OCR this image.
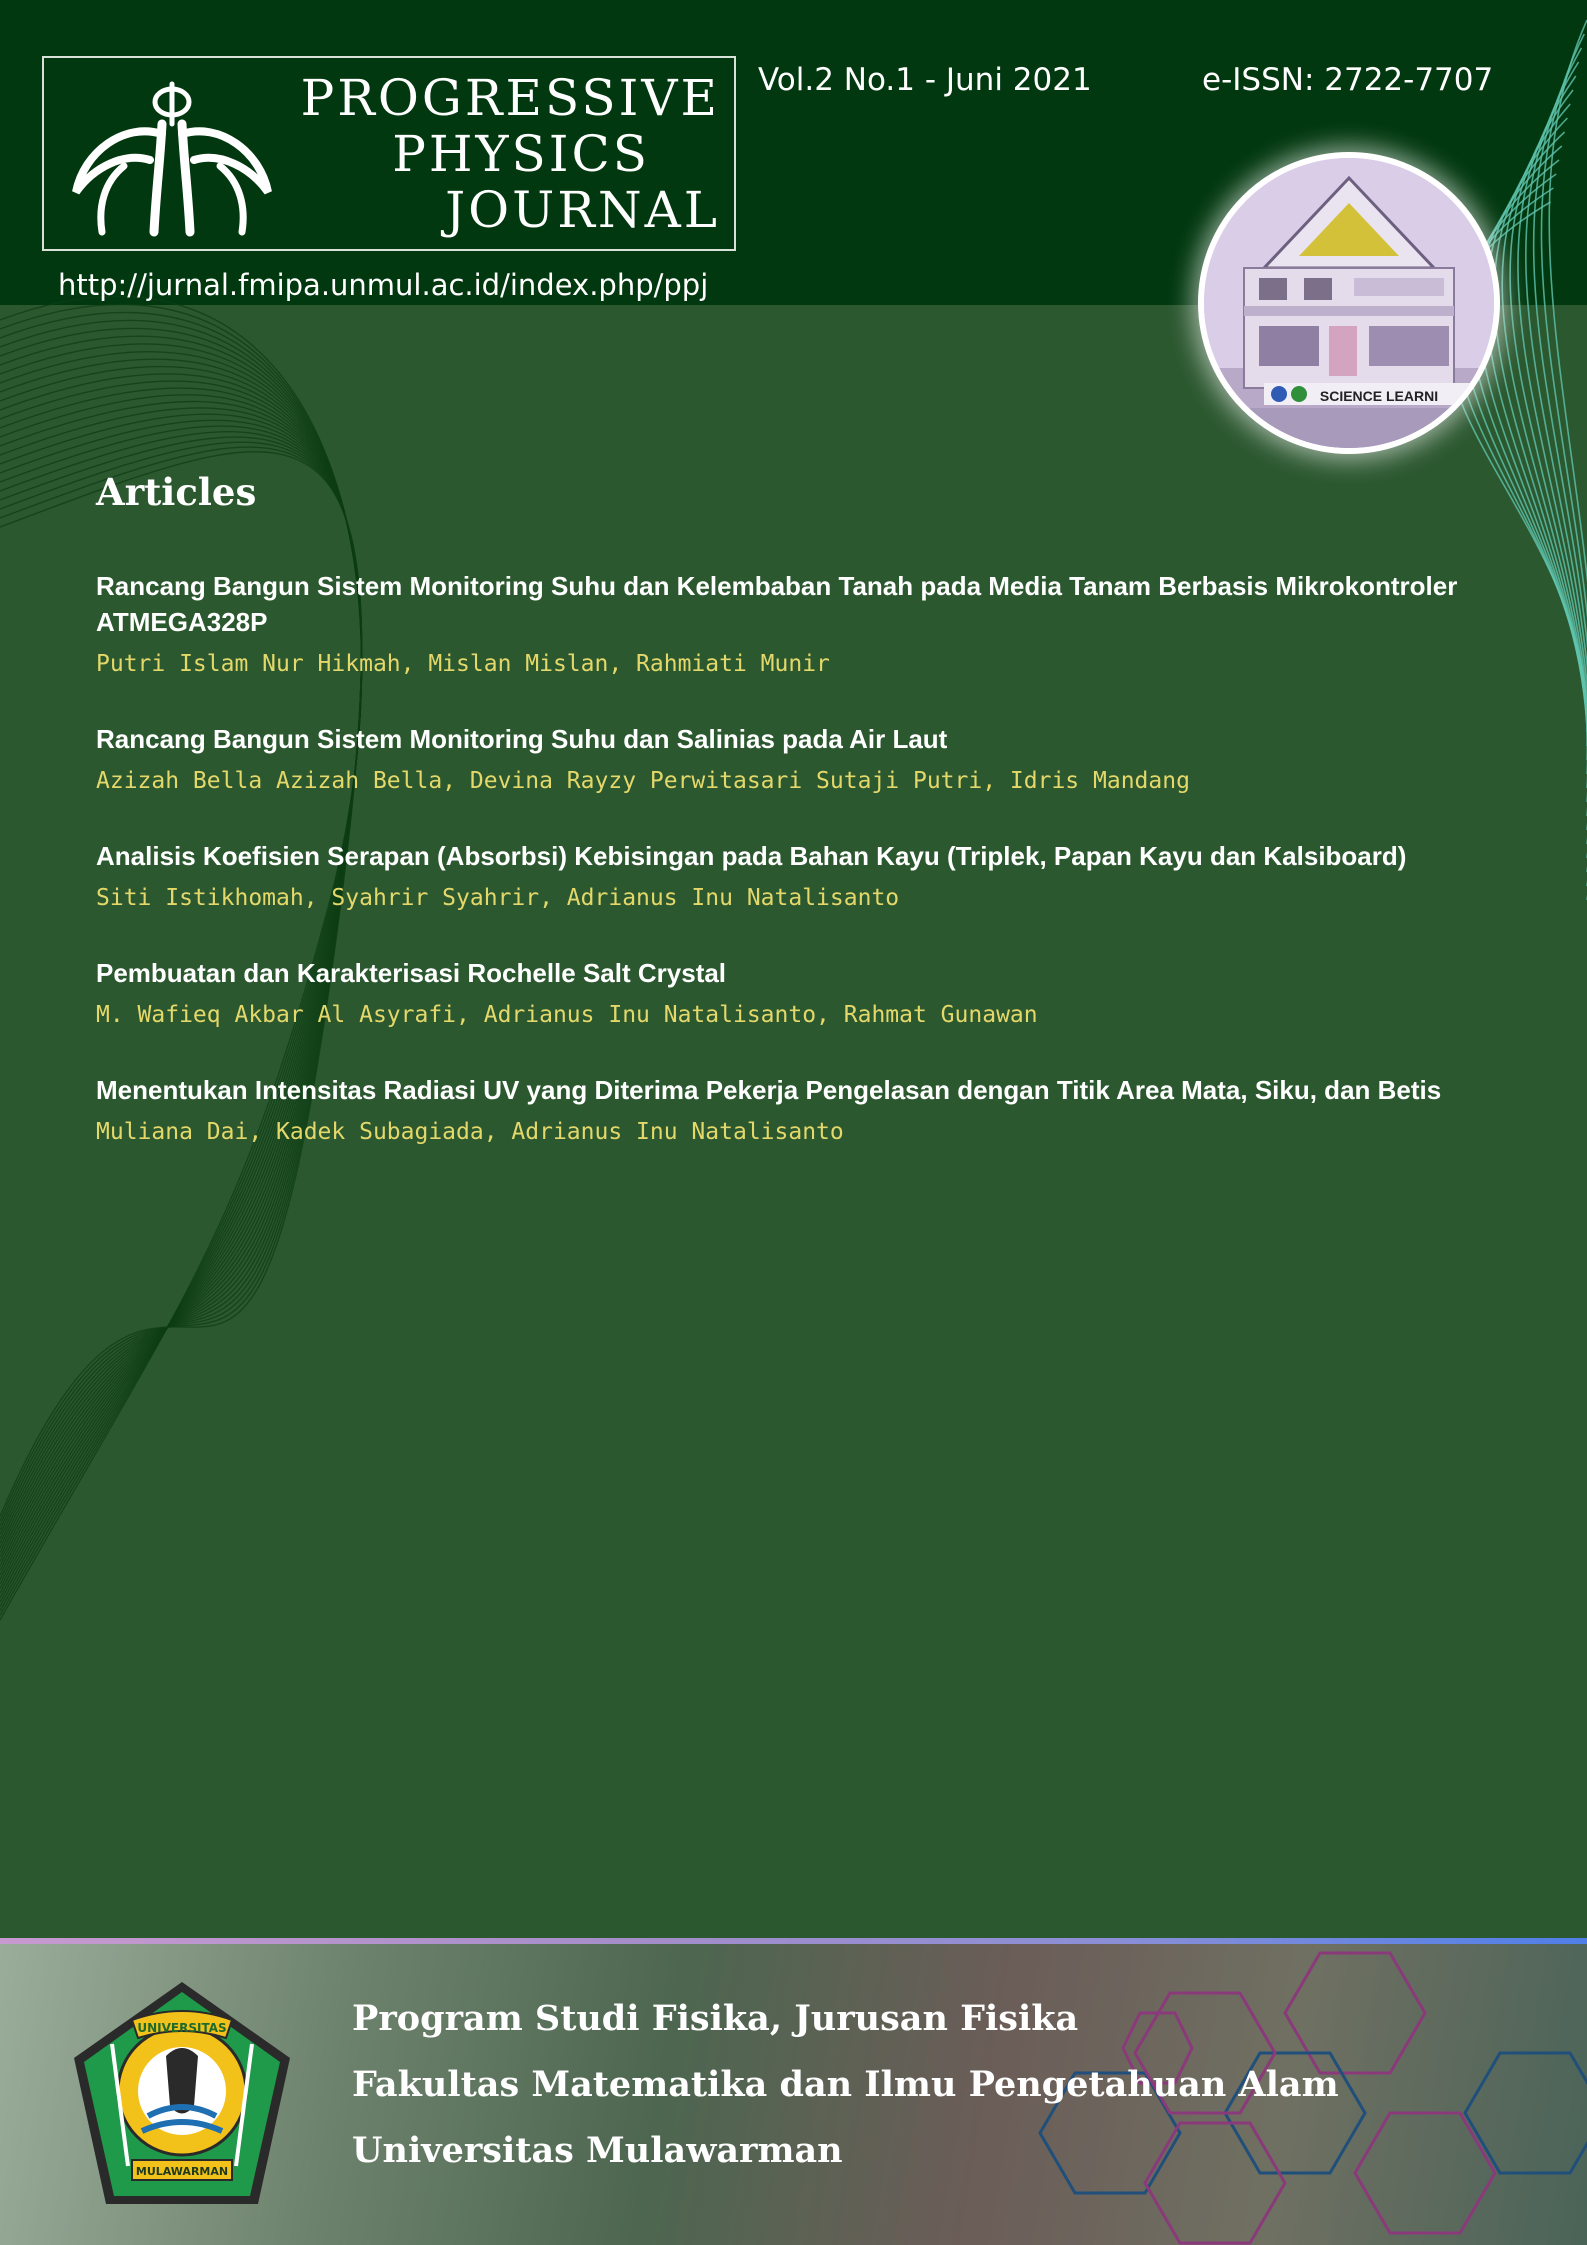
PROGRESSIVE
PHYSICS
JOURNAL
http://jurnal.fmipa.unmul.ac.id/index.php/ppj
Vol.2 No.1 - Juni 2021	e-ISSN: 2722-7707
SCIENCE LEARNI
Articles
Rancang Bangun Sistem Monitoring Suhu dan Kelembaban Tanah pada Media Tanam Berbasis Mikrokontroler ATMEGA328P
Putri Islam Nur Hikmah, Mislan Mislan, Rahmiati Munir
Rancang Bangun Sistem Monitoring Suhu dan Salinias pada Air Laut
Azizah Bella Azizah Bella, Devina Rayzy Perwitasari Sutaji Putri, Idris Mandang
Analisis Koefisien Serapan (Absorbsi) Kebisingan pada Bahan Kayu (Triplek, Papan Kayu dan Kalsiboard)
Siti Istikhomah, Syahrir Syahrir, Adrianus Inu Natalisanto
Pembuatan dan Karakterisasi Rochelle Salt Crystal
M. Wafieq Akbar Al Asyrafi, Adrianus Inu Natalisanto, Rahmat Gunawan
Menentukan Intensitas Radiasi UV yang Diterima Pekerja Pengelasan dengan Titik Area Mata, Siku, dan Betis
Muliana Dai, Kadek Subagiada, Adrianus Inu Natalisanto
UNIVERSITAS
MULAWARMAN
Program Studi Fisika, Jurusan Fisika
Fakultas Matematika dan Ilmu Pengetahuan Alam
Universitas Mulawarman
